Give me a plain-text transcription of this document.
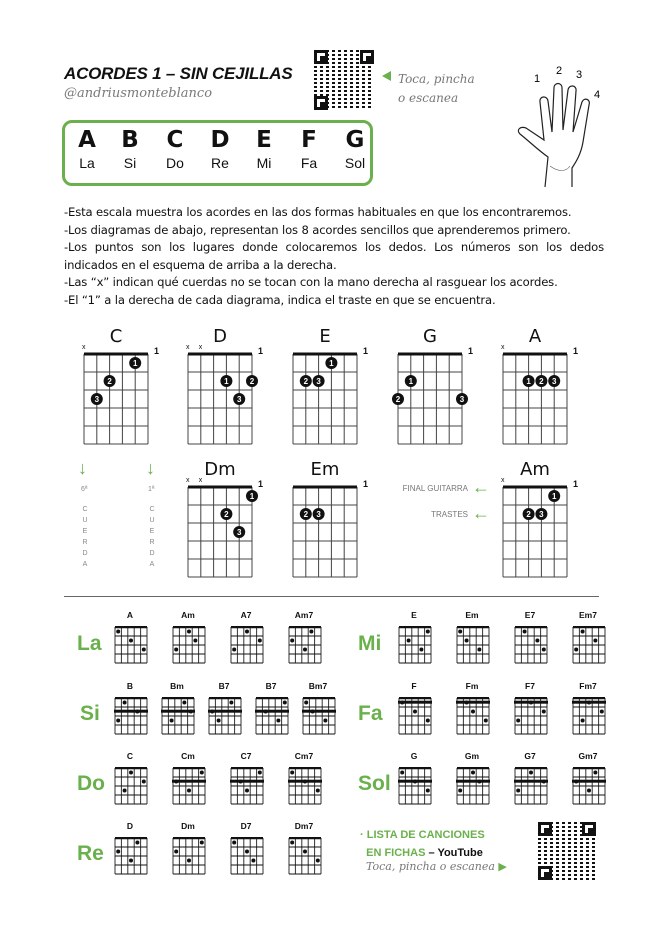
ACORDES 1 – SIN CEJILLAS
@andriusmonteblanco
Toca, pincha
o escanea
1
2 3
4
A
La
B
Si
C
Do
D
Re
E
Mi
F
Fa
G
Sol
-Esta escala muestra los acordes en las dos formas habituales en que los encontraremos.
-Los diagramas de abajo, representan los 8 acordes sencillos que aprenderemos primero.
-Los puntos son los lugares donde colocaremos los dedos. Los números son los dedos indicados en el esquema de arriba a la derecha.
-Las “x” indican qué cuerdas no se tocan con la mano derecha al rasguear los acordes.
-El “1” a la derecha de cada diagrama, indica el traste en que se encuentra.
C
1
x
1
2
3
D
1
x x
1	2
3
E
1
1
2 3
G
1
1
2	3
A
1
x
1 2 3
Dm
1
x x
1
2
3
Em
1
2 3
Am
1
x
1
2 3
↓	↓
6ª	1ª
C
U
E
R
D
A
C
U
E
R
D
A
FINAL GUITARRA ←
TRASTES ←
La
A	Am	A7	Am7
Si
B	Bm	B7	B7	Bm7
Do
C	Cm	C7	Cm7
Re
D	Dm	D7	Dm7
Mi
E	Em	E7	Em7
Fa
F	Fm	F7	Fm7
Sol
G	Gm	G7	Gm7
· LISTA DE CANCIONES
EN FICHAS – YouTube
Toca, pincha o escanea ▶
